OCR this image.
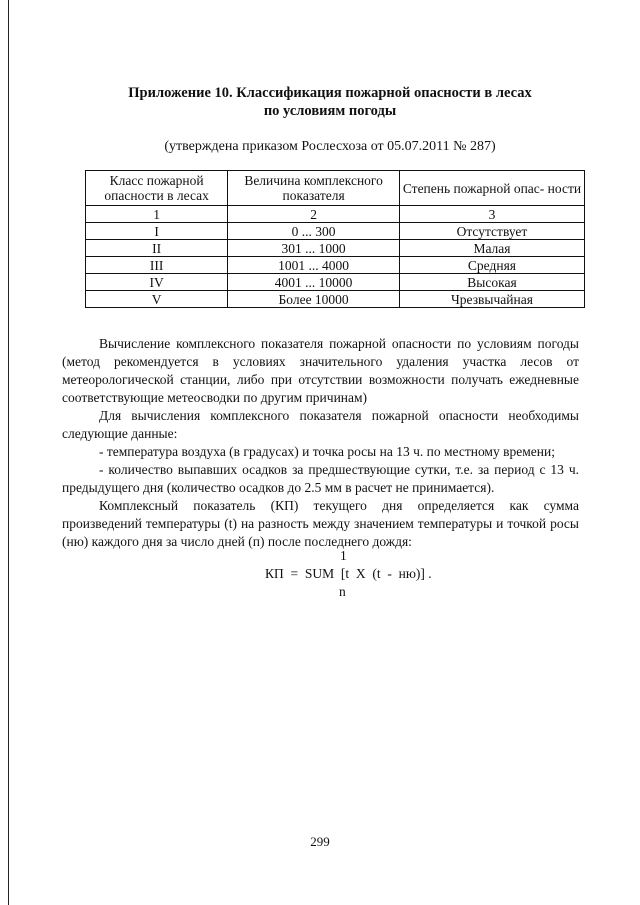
Приложение 10. Классификация пожарной опасности в лесах
по условиям погоды
(утверждена приказом Рослесхоза от 05.07.2011 № 287)
Класс пожарной опасности в лесах	Величина комплексного показателя	Степень пожарной опас- ности
1	2	3
I	0 ... 300	Отсутствует
II	301 ... 1000	Малая
III	1001 ... 4000	Средняя
IV	4001 ... 10000	Высокая
V	Более 10000	Чрезвычайная

Вычисление комплексного показателя пожарной опасности по условиям погоды (метод рекомендуется в условиях значительного удаления участка лесов от метеорологической станции, либо при отсутствии возможности получать ежедневные соответствующие метеосводки по другим причинам)

Для вычисления комплексного показателя пожарной опасности необходимы следующие данные:

- температура воздуха (в градусах) и точка росы на 13 ч. по местному времени;

- количество выпавших осадков за предшествующие сутки, т.е. за период с 13 ч. предыдущего дня (количество осадков до 2.5 мм в расчет не принимается).

Комплексный показатель (КП) текущего дня определяется как сумма произведений температуры (t) на разность между значением температуры и точкой росы (ню) каждого дня за число дней (п) после последнего дождя:

1
КП  =  SUM  [t  X  (t  -  ню)] .
n
299
